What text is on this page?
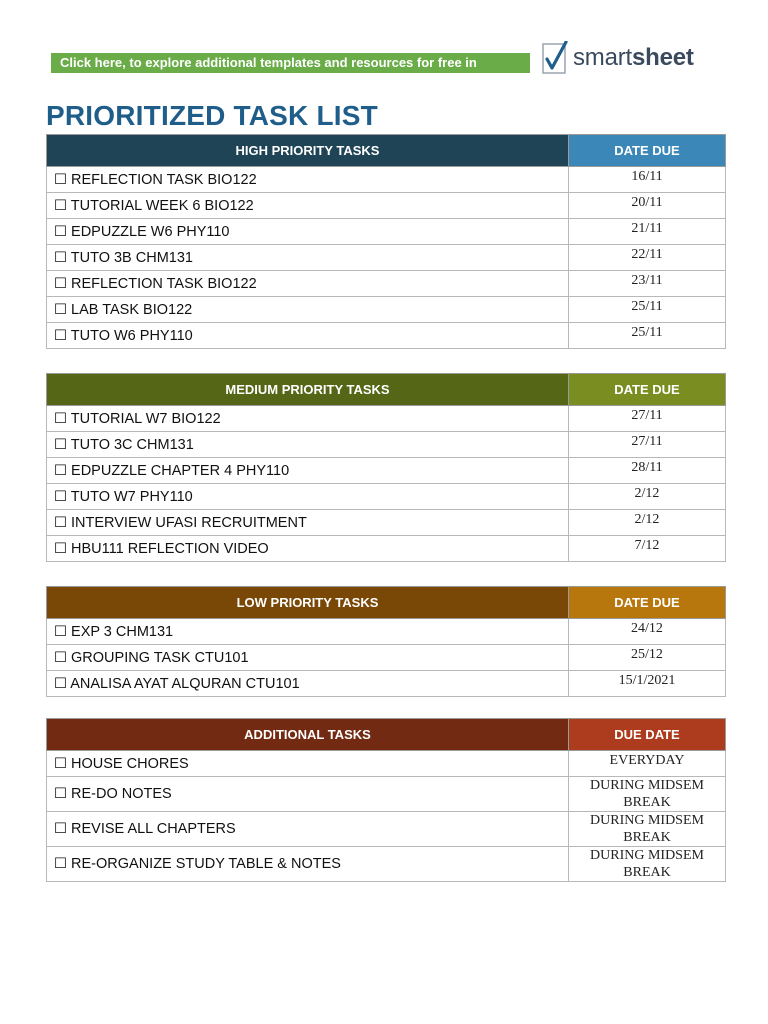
Click here, to explore additional templates and resources for free in	smartsheet
PRIORITIZED TASK LIST
HIGH PRIORITY TASKS	DATE DUE
☐ REFLECTION TASK BIO122	16/11
☐ TUTORIAL WEEK 6 BIO122	20/11
☐ EDPUZZLE W6 PHY110	21/11
☐ TUTO 3B CHM131	22/11
☐ REFLECTION TASK BIO122	23/11
☐ LAB TASK BIO122	25/11
☐ TUTO W6 PHY110	25/11
MEDIUM PRIORITY TASKS	DATE DUE
☐ TUTORIAL W7 BIO122	27/11
☐ TUTO 3C CHM131	27/11
☐ EDPUZZLE CHAPTER 4 PHY110	28/11
☐ TUTO W7 PHY110	2/12
☐ INTERVIEW UFASI RECRUITMENT	2/12
☐ HBU111 REFLECTION VIDEO	7/12
LOW PRIORITY TASKS	DATE DUE
☐ EXP 3 CHM131	24/12
☐ GROUPING TASK CTU101	25/12
☐ ANALISA AYAT ALQURAN CTU101	15/1/2021
ADDITIONAL TASKS	DUE DATE
☐ HOUSE CHORES	EVERYDAY

☐ RE-DO NOTES	DURING MIDSEM
BREAK

☐ REVISE ALL CHAPTERS	DURING MIDSEM
BREAK

☐ RE-ORGANIZE STUDY TABLE & NOTES	DURING MIDSEM
BREAK
